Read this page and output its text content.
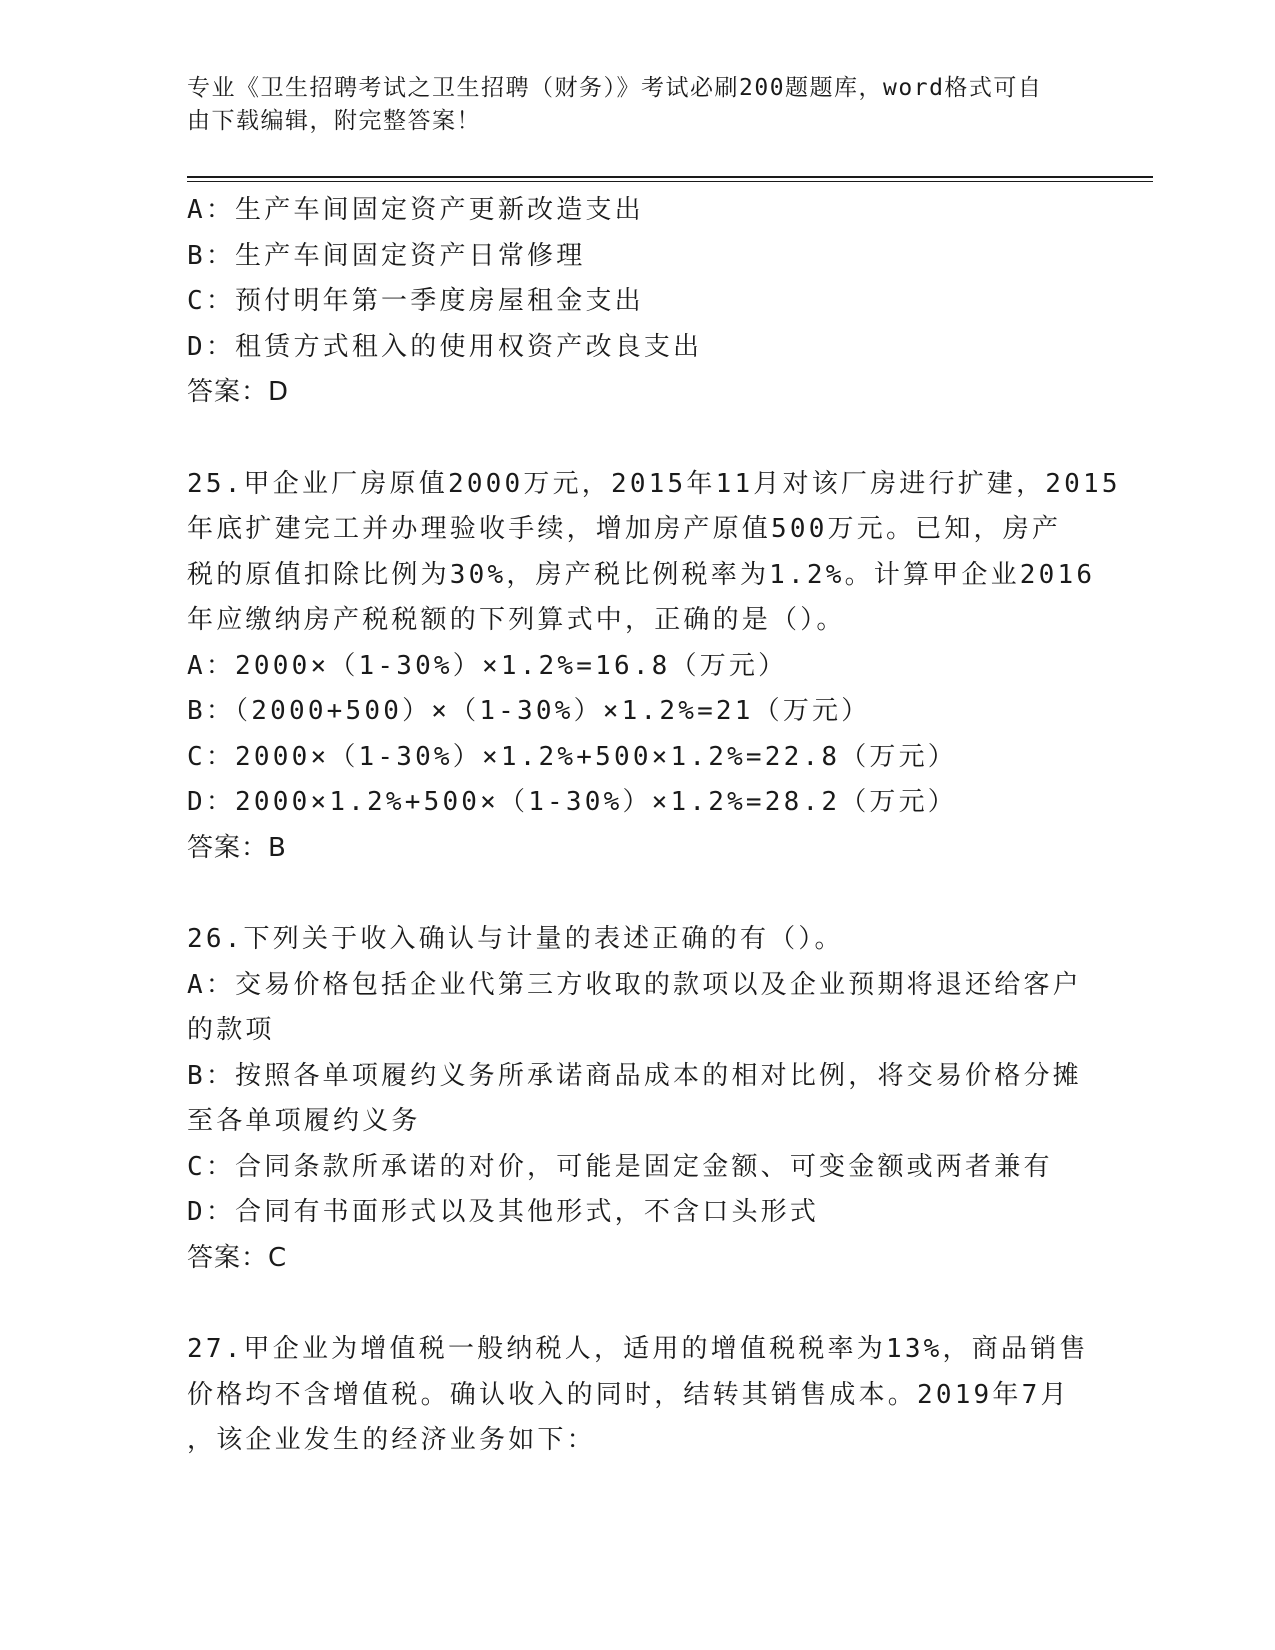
专业《卫生招聘考试之卫生招聘（财务）》考试必刷200题题库，word格式可自
由下载编辑，附完整答案！
A：生产车间固定资产更新改造支出
B：生产车间固定资产日常修理
C：预付明年第一季度房屋租金支出
D：租赁方式租入的使用权资产改良支出
答案：D
25.甲企业厂房原值2000万元，2015年11月对该厂房进行扩建，2015
年底扩建完工并办理验收手续，增加房产原值500万元。已知，房产
税的原值扣除比例为30%，房产税比例税率为1.2%。计算甲企业2016
年应缴纳房产税税额的下列算式中，正确的是（）。
A：2000×（1-30%）×1.2%=16.8（万元）
B：（2000+500）×（1-30%）×1.2%=21（万元）
C：2000×（1-30%）×1.2%+500×1.2%=22.8（万元）
D：2000×1.2%+500×（1-30%）×1.2%=28.2（万元）
答案：B
26.下列关于收入确认与计量的表述正确的有（）。
A：交易价格包括企业代第三方收取的款项以及企业预期将退还给客户
的款项
B：按照各单项履约义务所承诺商品成本的相对比例，将交易价格分摊
至各单项履约义务
C：合同条款所承诺的对价，可能是固定金额、可变金额或两者兼有
D：合同有书面形式以及其他形式，不含口头形式
答案：C
27.甲企业为增值税一般纳税人，适用的增值税税率为13%，商品销售
价格均不含增值税。确认收入的同时，结转其销售成本。2019年7月
，该企业发生的经济业务如下：
